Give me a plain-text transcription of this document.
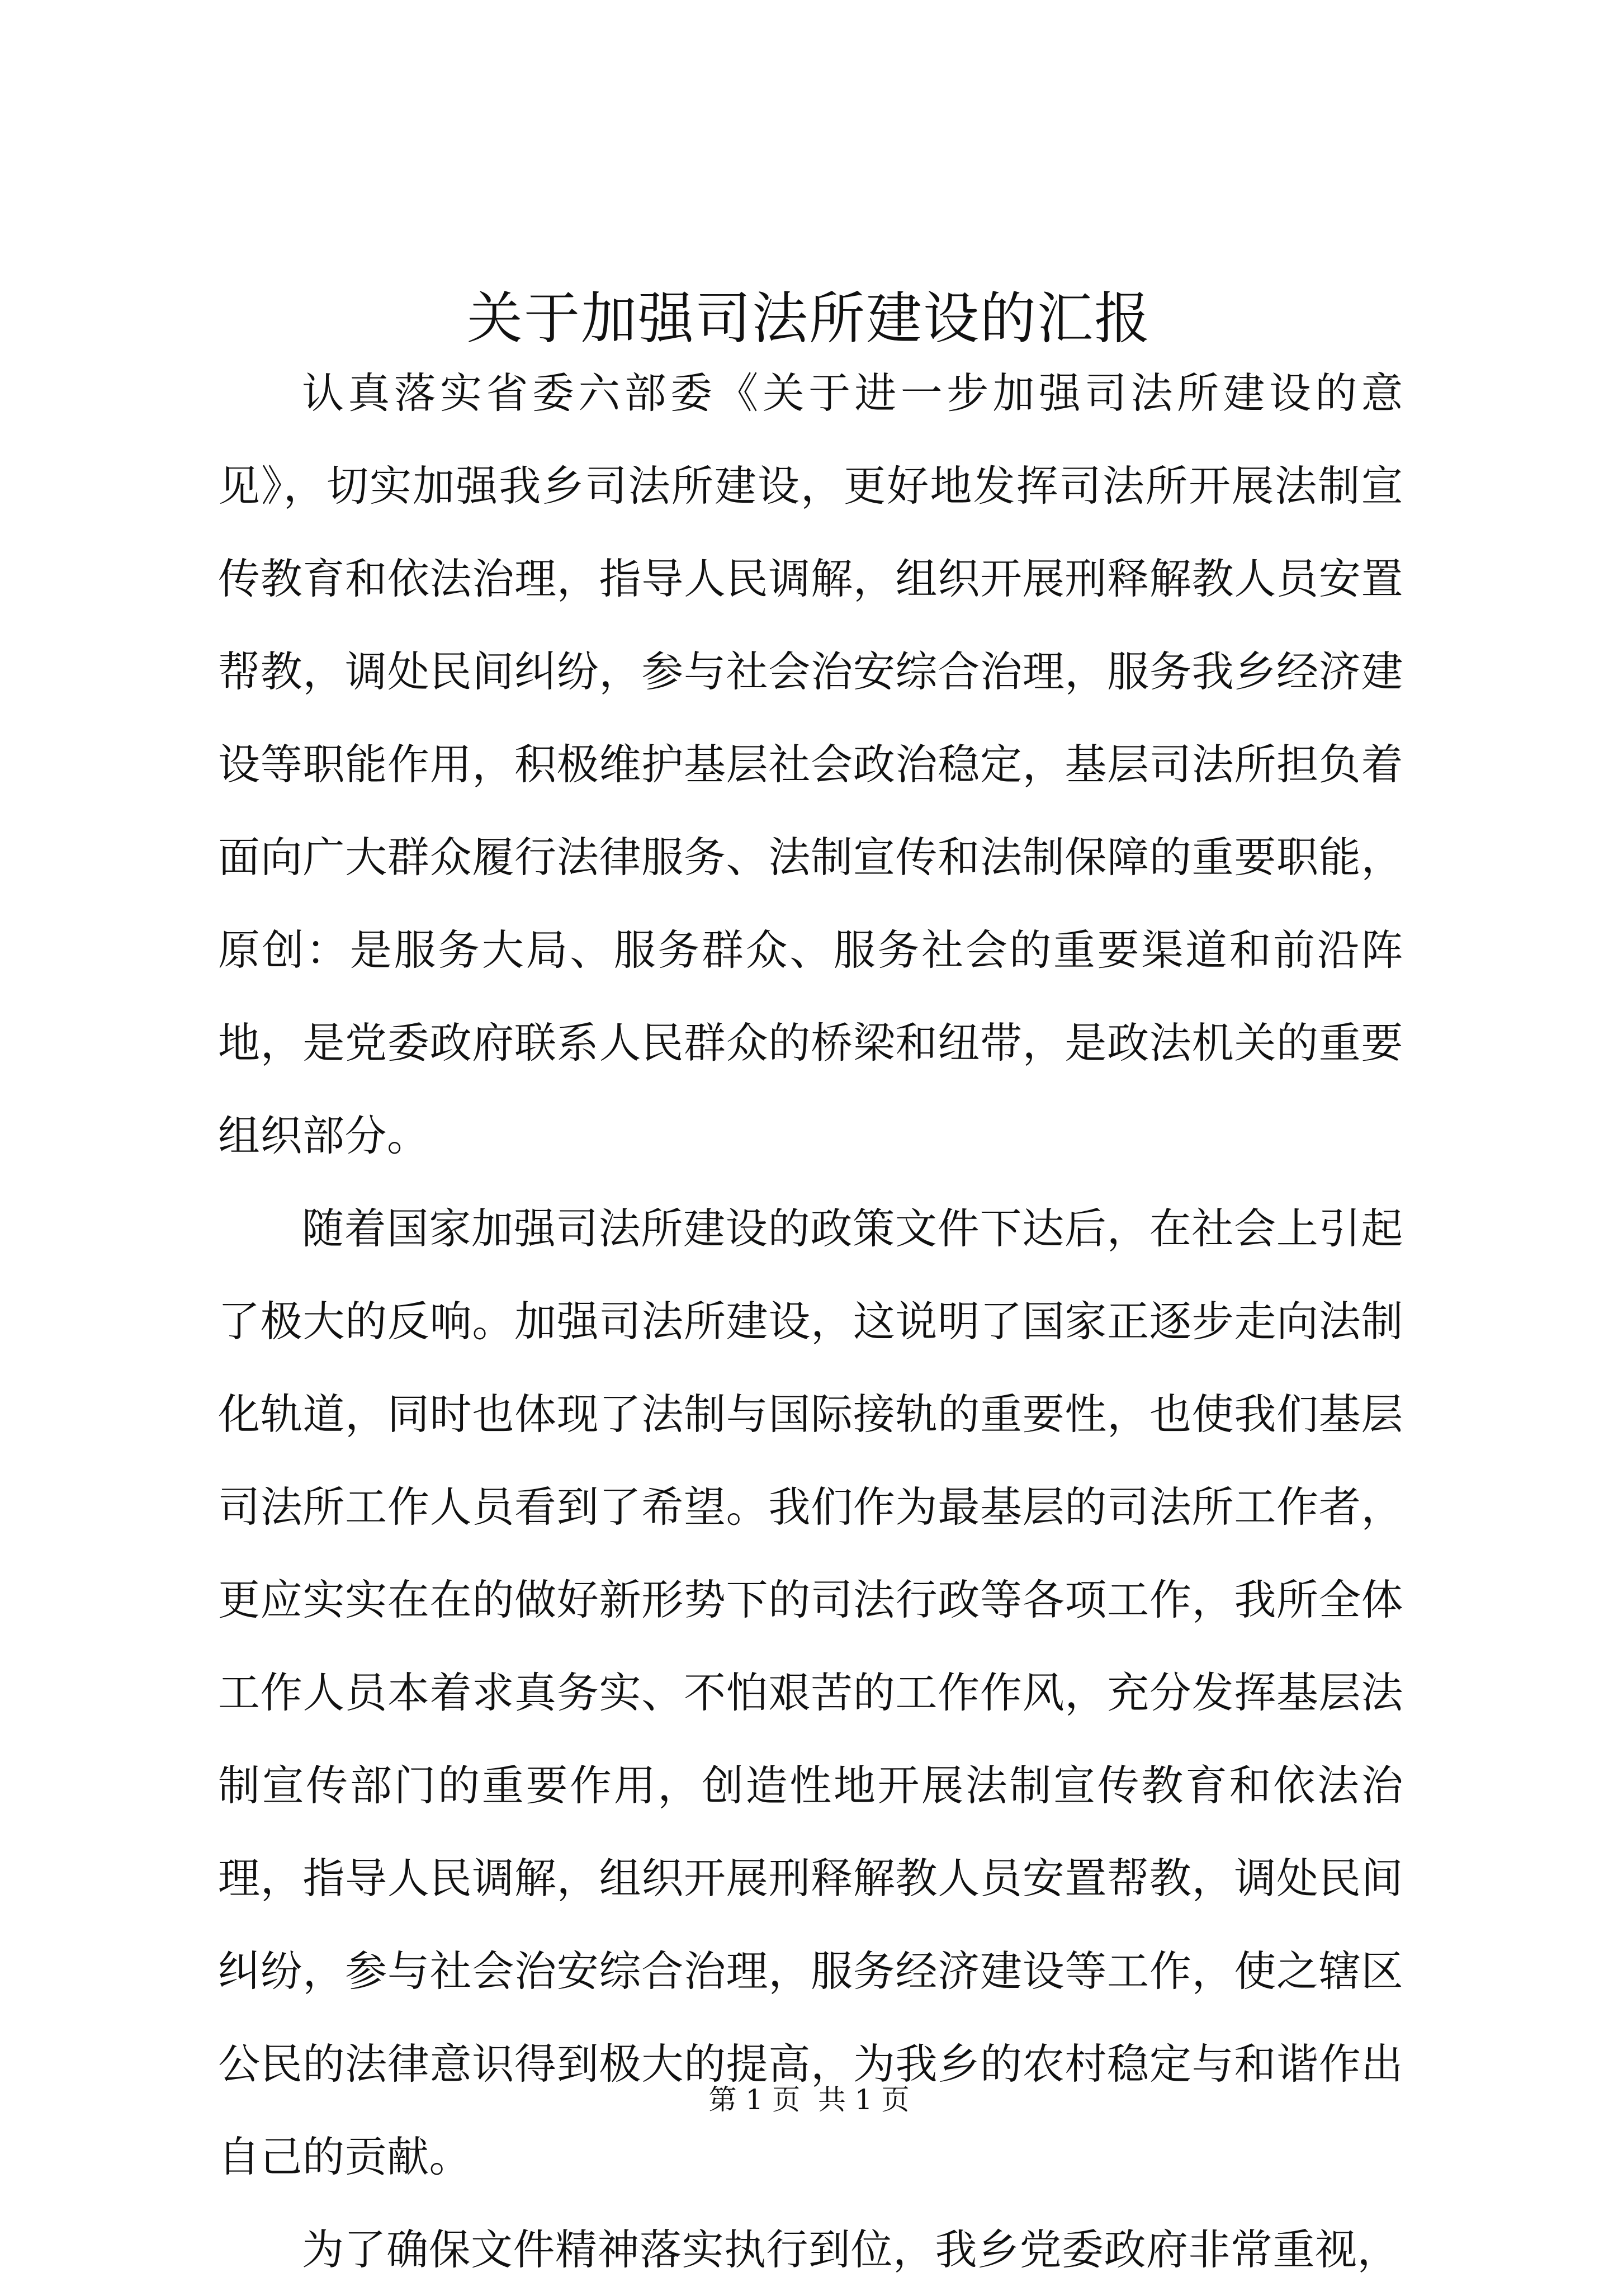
关于加强司法所建设的汇报

认真落实省委六部委《关于进一步加强司法所建设的意见》，切实加强我乡司法所建设，更好地发挥司法所开展法制宣传教育和依法治理，指导人民调解，组织开展刑释解教人员安置帮教，调处民间纠纷，参与社会治安综合治理，服务我乡经济建设等职能作用，积极维护基层社会政治稳定，基层司法所担负着面向广大群众履行法律服务、法制宣传和法制保障的重要职能，原创：是服务大局、服务群众、服务社会的重要渠道和前沿阵地，是党委政府联系人民群众的桥梁和纽带，是政法机关的重要组织部分。

随着国家加强司法所建设的政策文件下达后，在社会上引起了极大的反响。加强司法所建设，这说明了国家正逐步走向法制化轨道，同时也体现了法制与国际接轨的重要性，也使我们基层司法所工作人员看到了希望。我们作为最基层的司法所工作者，更应实实在在的做好新形势下的司法行政等各项工作，我所全体工作人员本着求真务实、不怕艰苦的工作作风，充分发挥基层法制宣传部门的重要作用，创造性地开展法制宣传教育和依法治理，指导人民调解，组织开展刑释解教人员安置帮教，调处民间纠纷，参与社会治安综合治理，服务经济建设等工作，使之辖区公民的法律意识得到极大的提高，为我乡的农村稳定与和谐作出自己的贡献。

为了确保文件精神落实执行到位，我乡党委政府非常重视，

第 1 页  共 1 页
